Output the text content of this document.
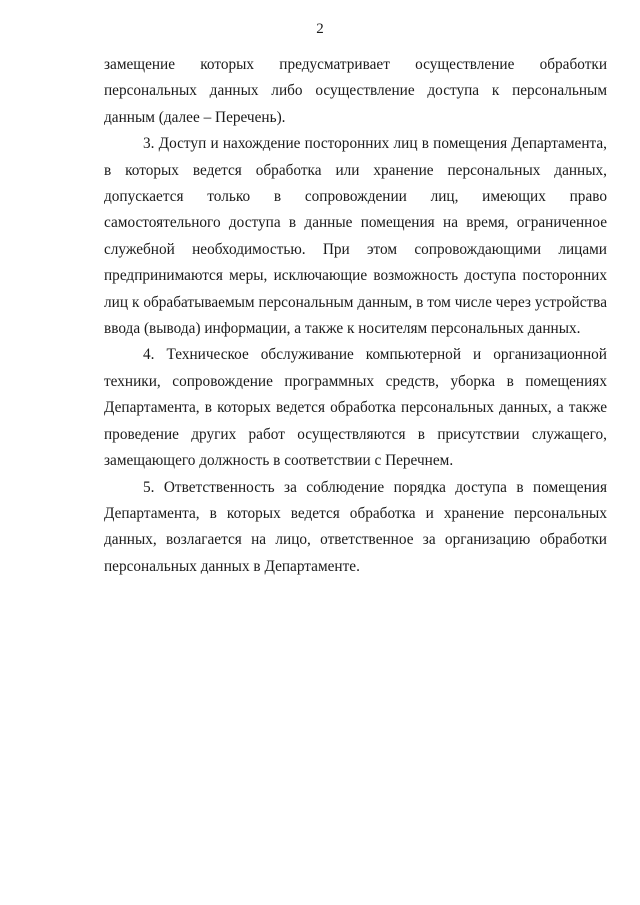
2

замещение которых предусматривает осуществление обработки персональных данных либо осуществление доступа к персональным данным (далее – Перечень).

3. Доступ и нахождение посторонних лиц в помещения Департамента, в которых ведется обработка или хранение персональных данных, допускается только в сопровождении лиц, имеющих право самостоятельного доступа в данные помещения на время, ограниченное служебной необходимостью. При этом сопровождающими лицами предпринимаются меры, исключающие возможность доступа посторонних лиц к обрабатываемым персональным данным, в том числе через устройства ввода (вывода) информации, а также к носителям персональных данных.

4. Техническое обслуживание компьютерной и организационной техники, сопровождение программных средств, уборка в помещениях Департамента, в которых ведется обработка персональных данных, а также проведение других работ осуществляются в присутствии служащего, замещающего должность в соответствии с Перечнем.

5. Ответственность за соблюдение порядка доступа в помещения Департамента, в которых ведется обработка и хранение персональных данных, возлагается на лицо, ответственное за организацию обработки персональных данных в Департаменте.
